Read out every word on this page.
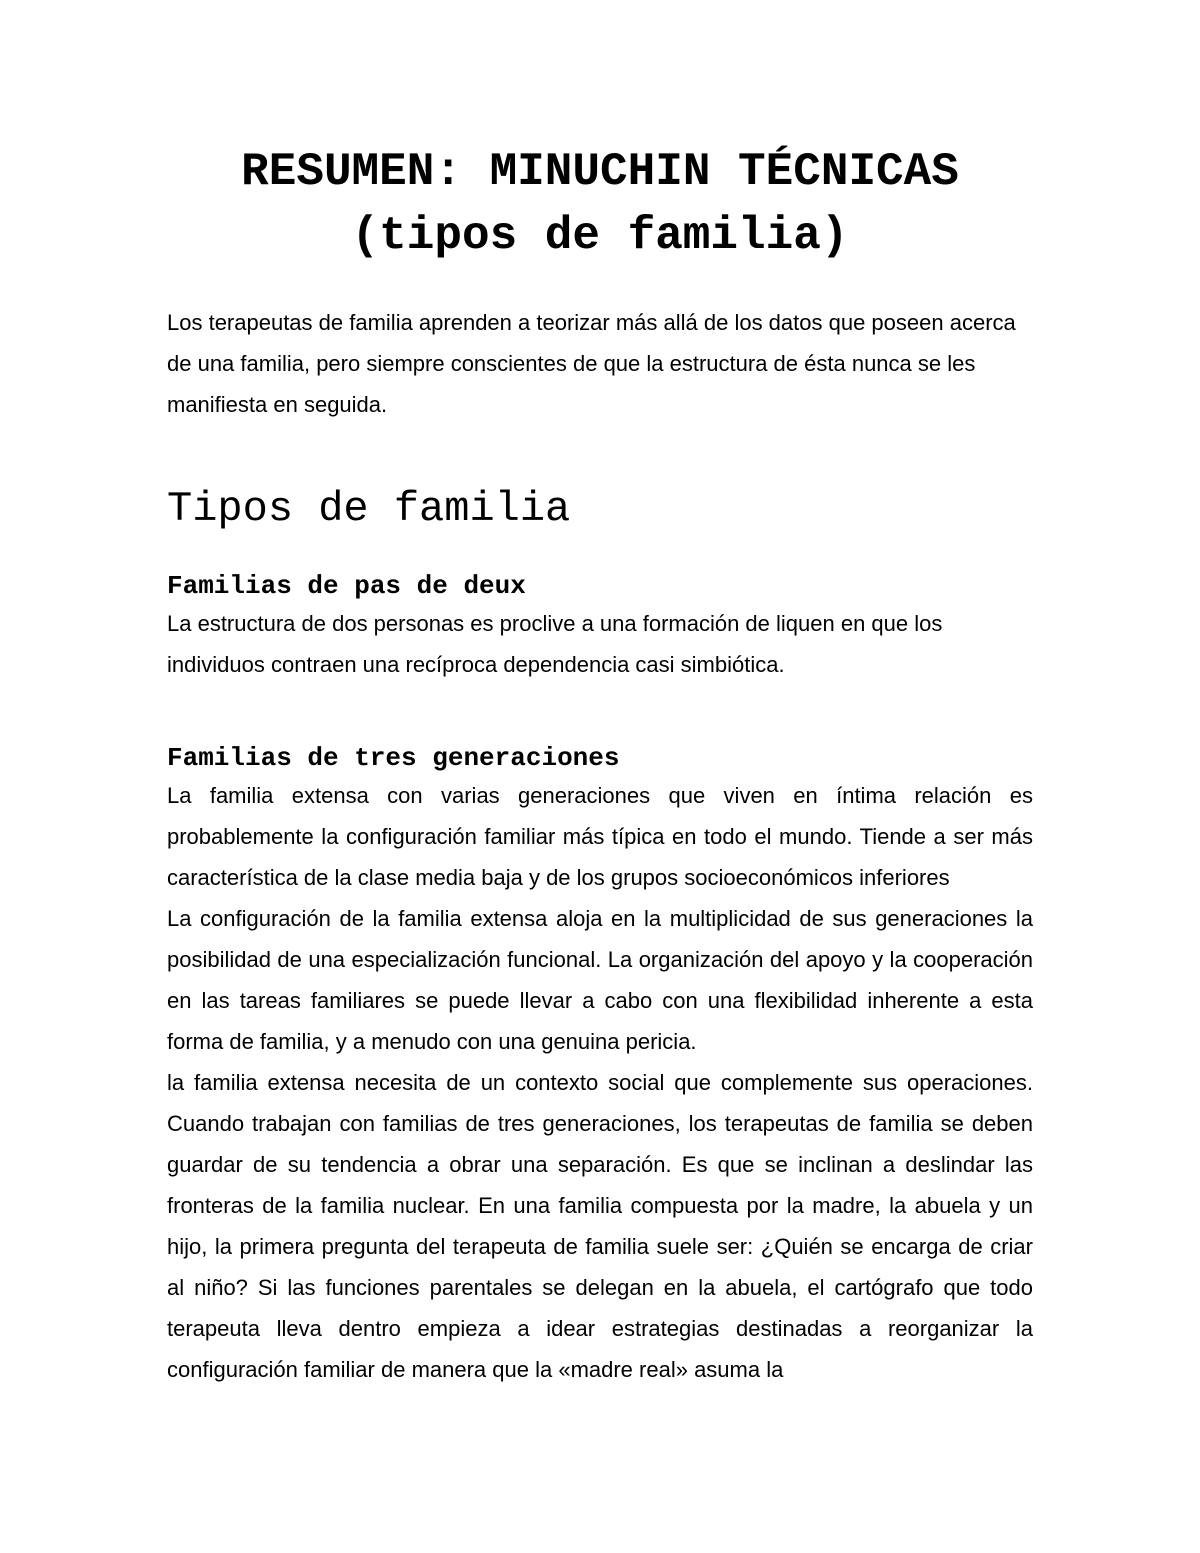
RESUMEN: MINUCHIN TÉCNICAS
(tipos de familia)

Los terapeutas de familia aprenden a teorizar más allá de los datos que poseen acerca de una familia, pero siempre conscientes de que la estructura de ésta nunca se les manifiesta en seguida.

Tipos de familia
Familias de pas de deux

La estructura de dos personas es proclive a una formación de liquen en que los individuos contraen una recíproca dependencia casi simbiótica.

Familias de tres generaciones

La familia extensa con varias generaciones que viven en íntima relación es probablemente la configuración familiar más típica en todo el mundo. Tiende a ser más característica de la clase media baja y de los grupos socioeconómicos inferiores

La configuración de la familia extensa aloja en la multiplicidad de sus generaciones la posibilidad de una especialización funcional. La organización del apoyo y la cooperación en las tareas familiares se puede llevar a cabo con una flexibilidad inherente a esta forma de familia, y a menudo con una genuina pericia.

la familia extensa necesita de un contexto social que complemente sus operaciones. Cuando trabajan con familias de tres generaciones, los terapeutas de familia se deben guardar de su tendencia a obrar una separación. Es que se inclinan a deslindar las fronteras de la familia nuclear. En una familia compuesta por la madre, la abuela y un hijo, la primera pregunta del terapeuta de familia suele ser: ¿Quién se encarga de criar al niño? Si las funciones parentales se delegan en la abuela, el cartógrafo que todo terapeuta lleva dentro empieza a idear estrategias destinadas a reorganizar la configuración familiar de manera que la «madre real» asuma la
